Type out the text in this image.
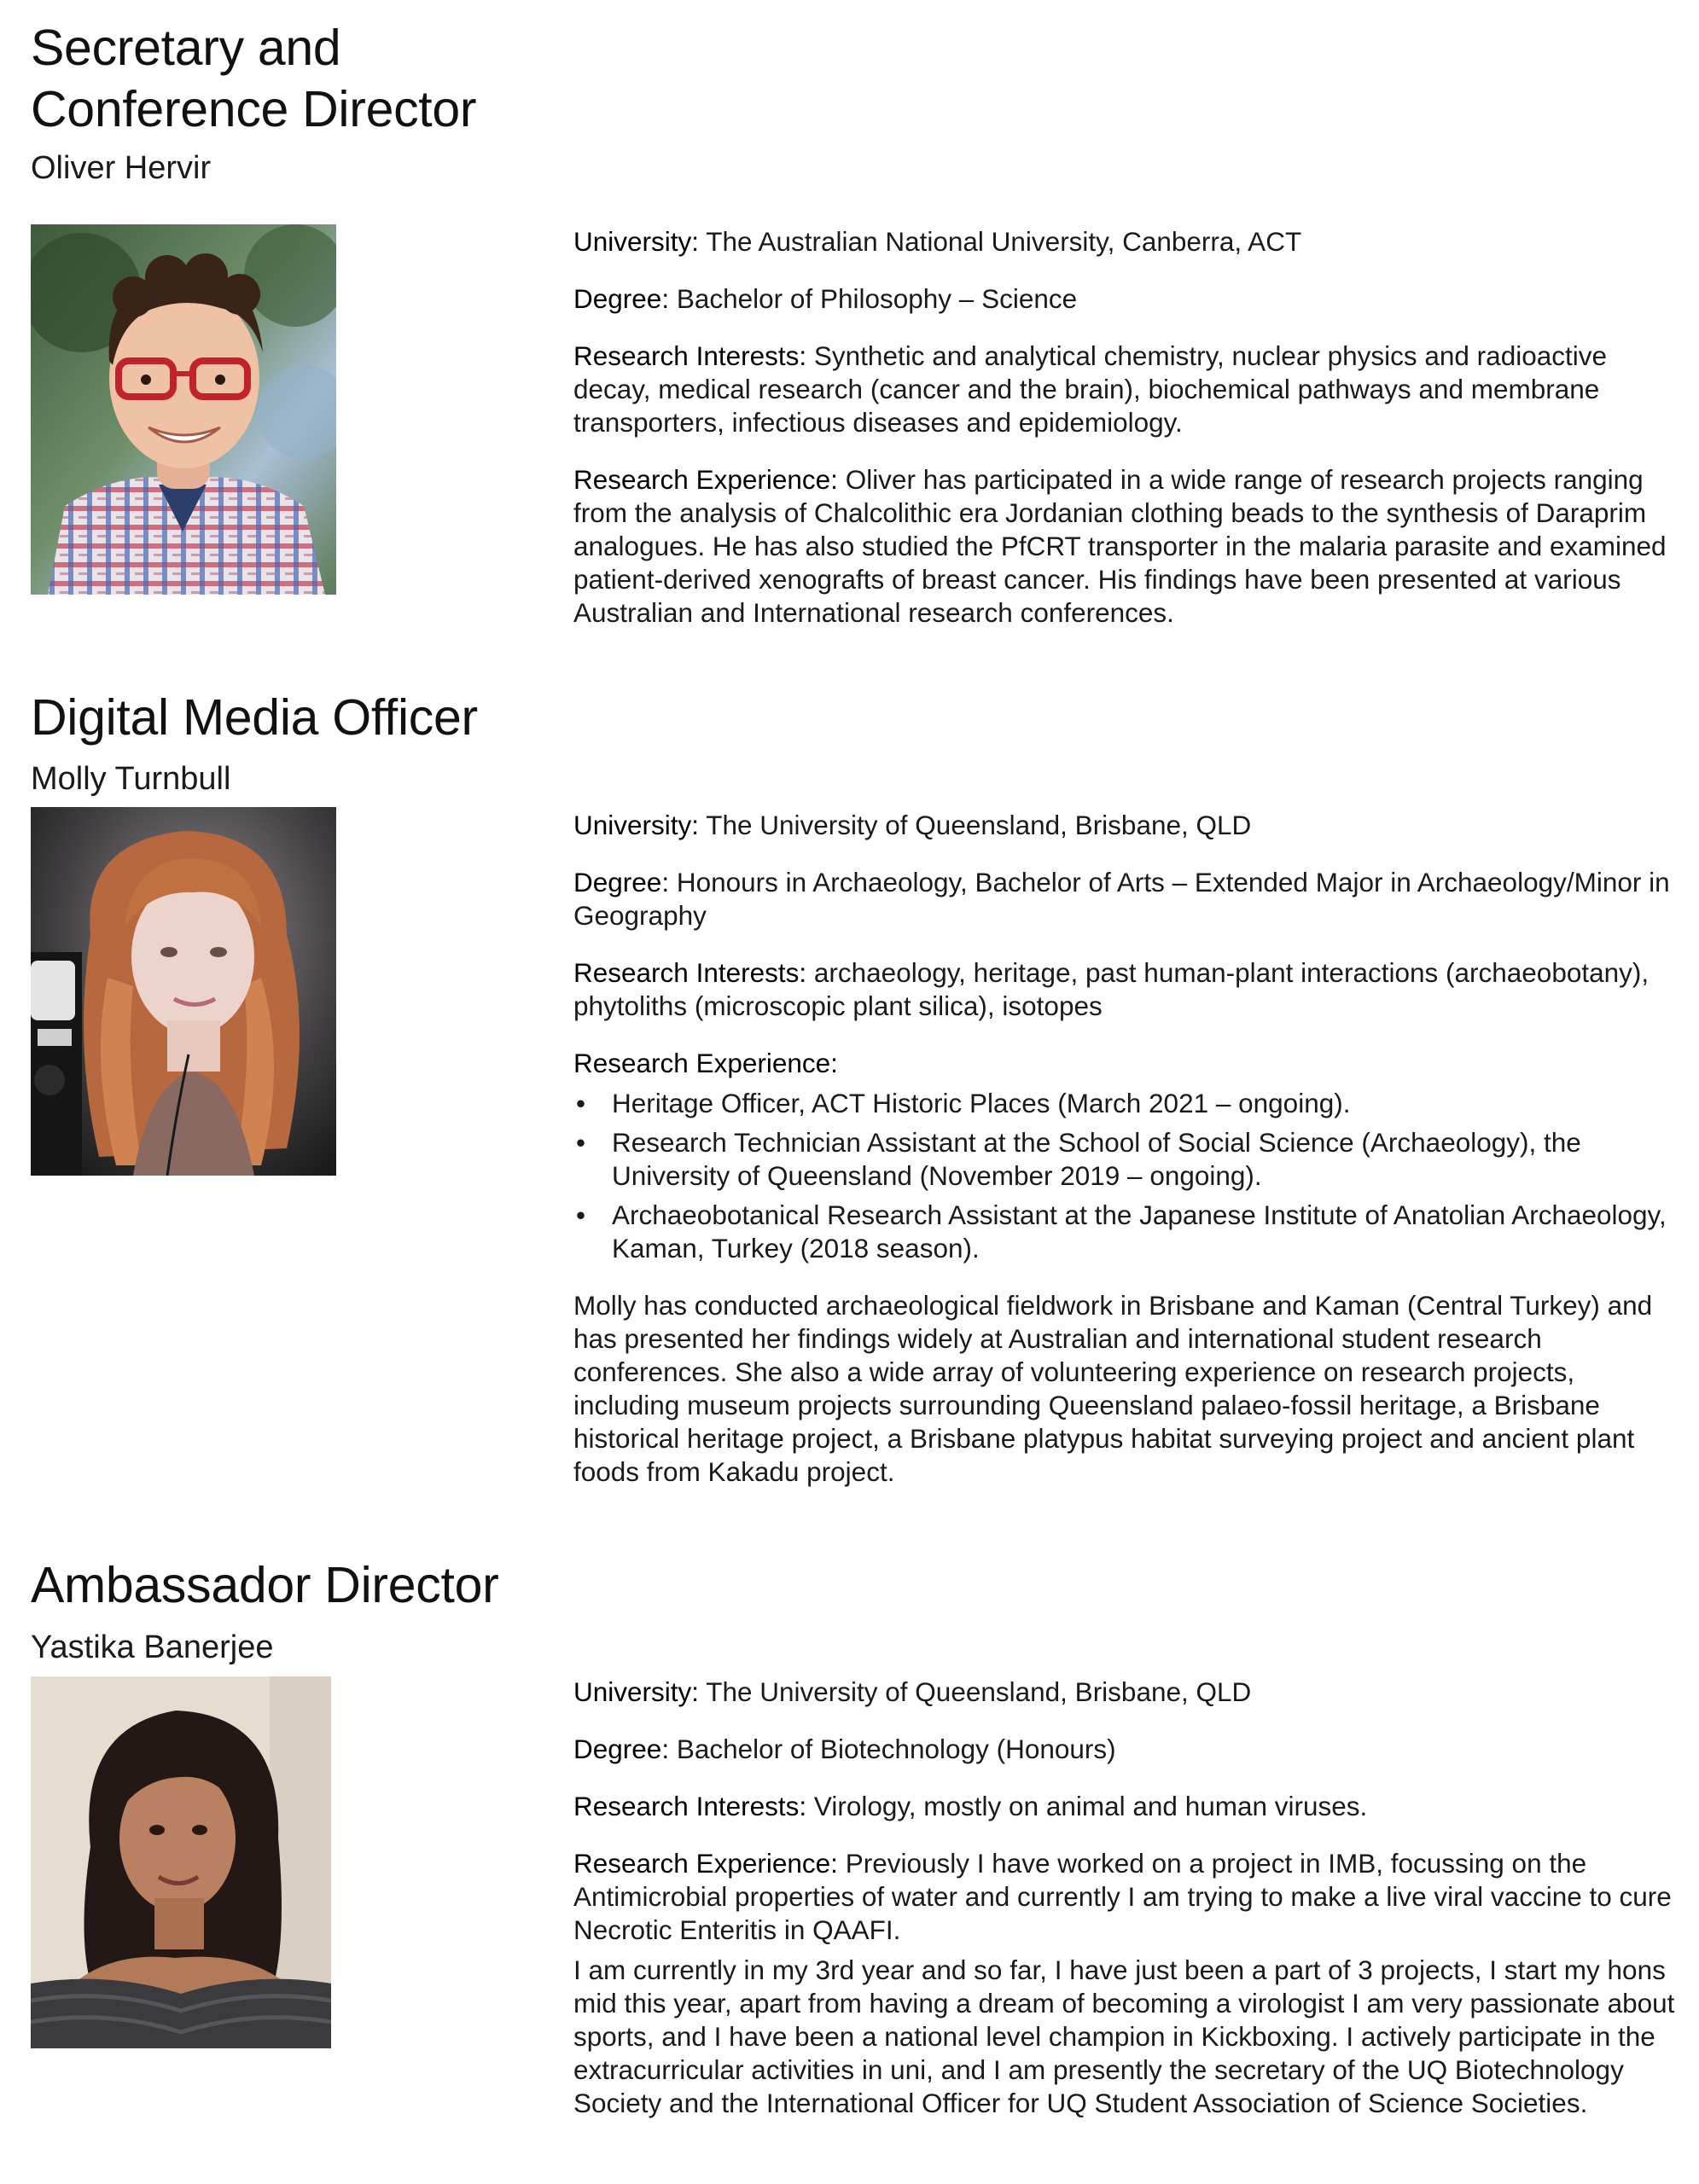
Secretary and Conference Director
Oliver Hervir

University: The Australian National University, Canberra, ACT

Degree: Bachelor of Philosophy – Science

Research Interests: Synthetic and analytical chemistry, nuclear physics and radioactive decay, medical research (cancer and the brain), biochemical pathways and membrane transporters, infectious diseases and epidemiology.

Research Experience: Oliver has participated in a wide range of research projects ranging from the analysis of Chalcolithic era Jordanian clothing beads to the synthesis of Daraprim analogues. He has also studied the PfCRT transporter in the malaria parasite and examined patient-derived xenografts of breast cancer. His findings have been presented at various Australian and International research conferences.

Digital Media Officer
Molly Turnbull

University: The University of Queensland, Brisbane, QLD

Degree: Honours in Archaeology, Bachelor of Arts – Extended Major in Archaeology/Minor in Geography

Research Interests: archaeology, heritage, past human-plant interactions (archaeobotany), phytoliths (microscopic plant silica), isotopes

Research Experience:

• Heritage Officer, ACT Historic Places (March 2021 – ongoing).
• Research Technician Assistant at the School of Social Science (Archaeology), the University of Queensland (November 2019 – ongoing).
• Archaeobotanical Research Assistant at the Japanese Institute of Anatolian Archaeology, Kaman, Turkey (2018 season).

Molly has conducted archaeological fieldwork in Brisbane and Kaman (Central Turkey) and has presented her findings widely at Australian and international student research conferences. She also a wide array of volunteering experience on research projects, including museum projects surrounding Queensland palaeo-fossil heritage, a Brisbane historical heritage project, a Brisbane platypus habitat surveying project and ancient plant foods from Kakadu project.

Ambassador Director
Yastika Banerjee

University: The University of Queensland, Brisbane, QLD

Degree: Bachelor of Biotechnology (Honours)

Research Interests: Virology, mostly on animal and human viruses.

Research Experience: Previously I have worked on a project in IMB, focussing on the Antimicrobial properties of water and currently I am trying to make a live viral vaccine to cure Necrotic Enteritis in QAAFI.

I am currently in my 3rd year and so far, I have just been a part of 3 projects, I start my hons mid this year, apart from having a dream of becoming a virologist I am very passionate about sports, and I have been a national level champion in Kickboxing. I actively participate in the extracurricular activities in uni, and I am presently the secretary of the UQ Biotechnology Society and the International Officer for UQ Student Association of Science Societies.
